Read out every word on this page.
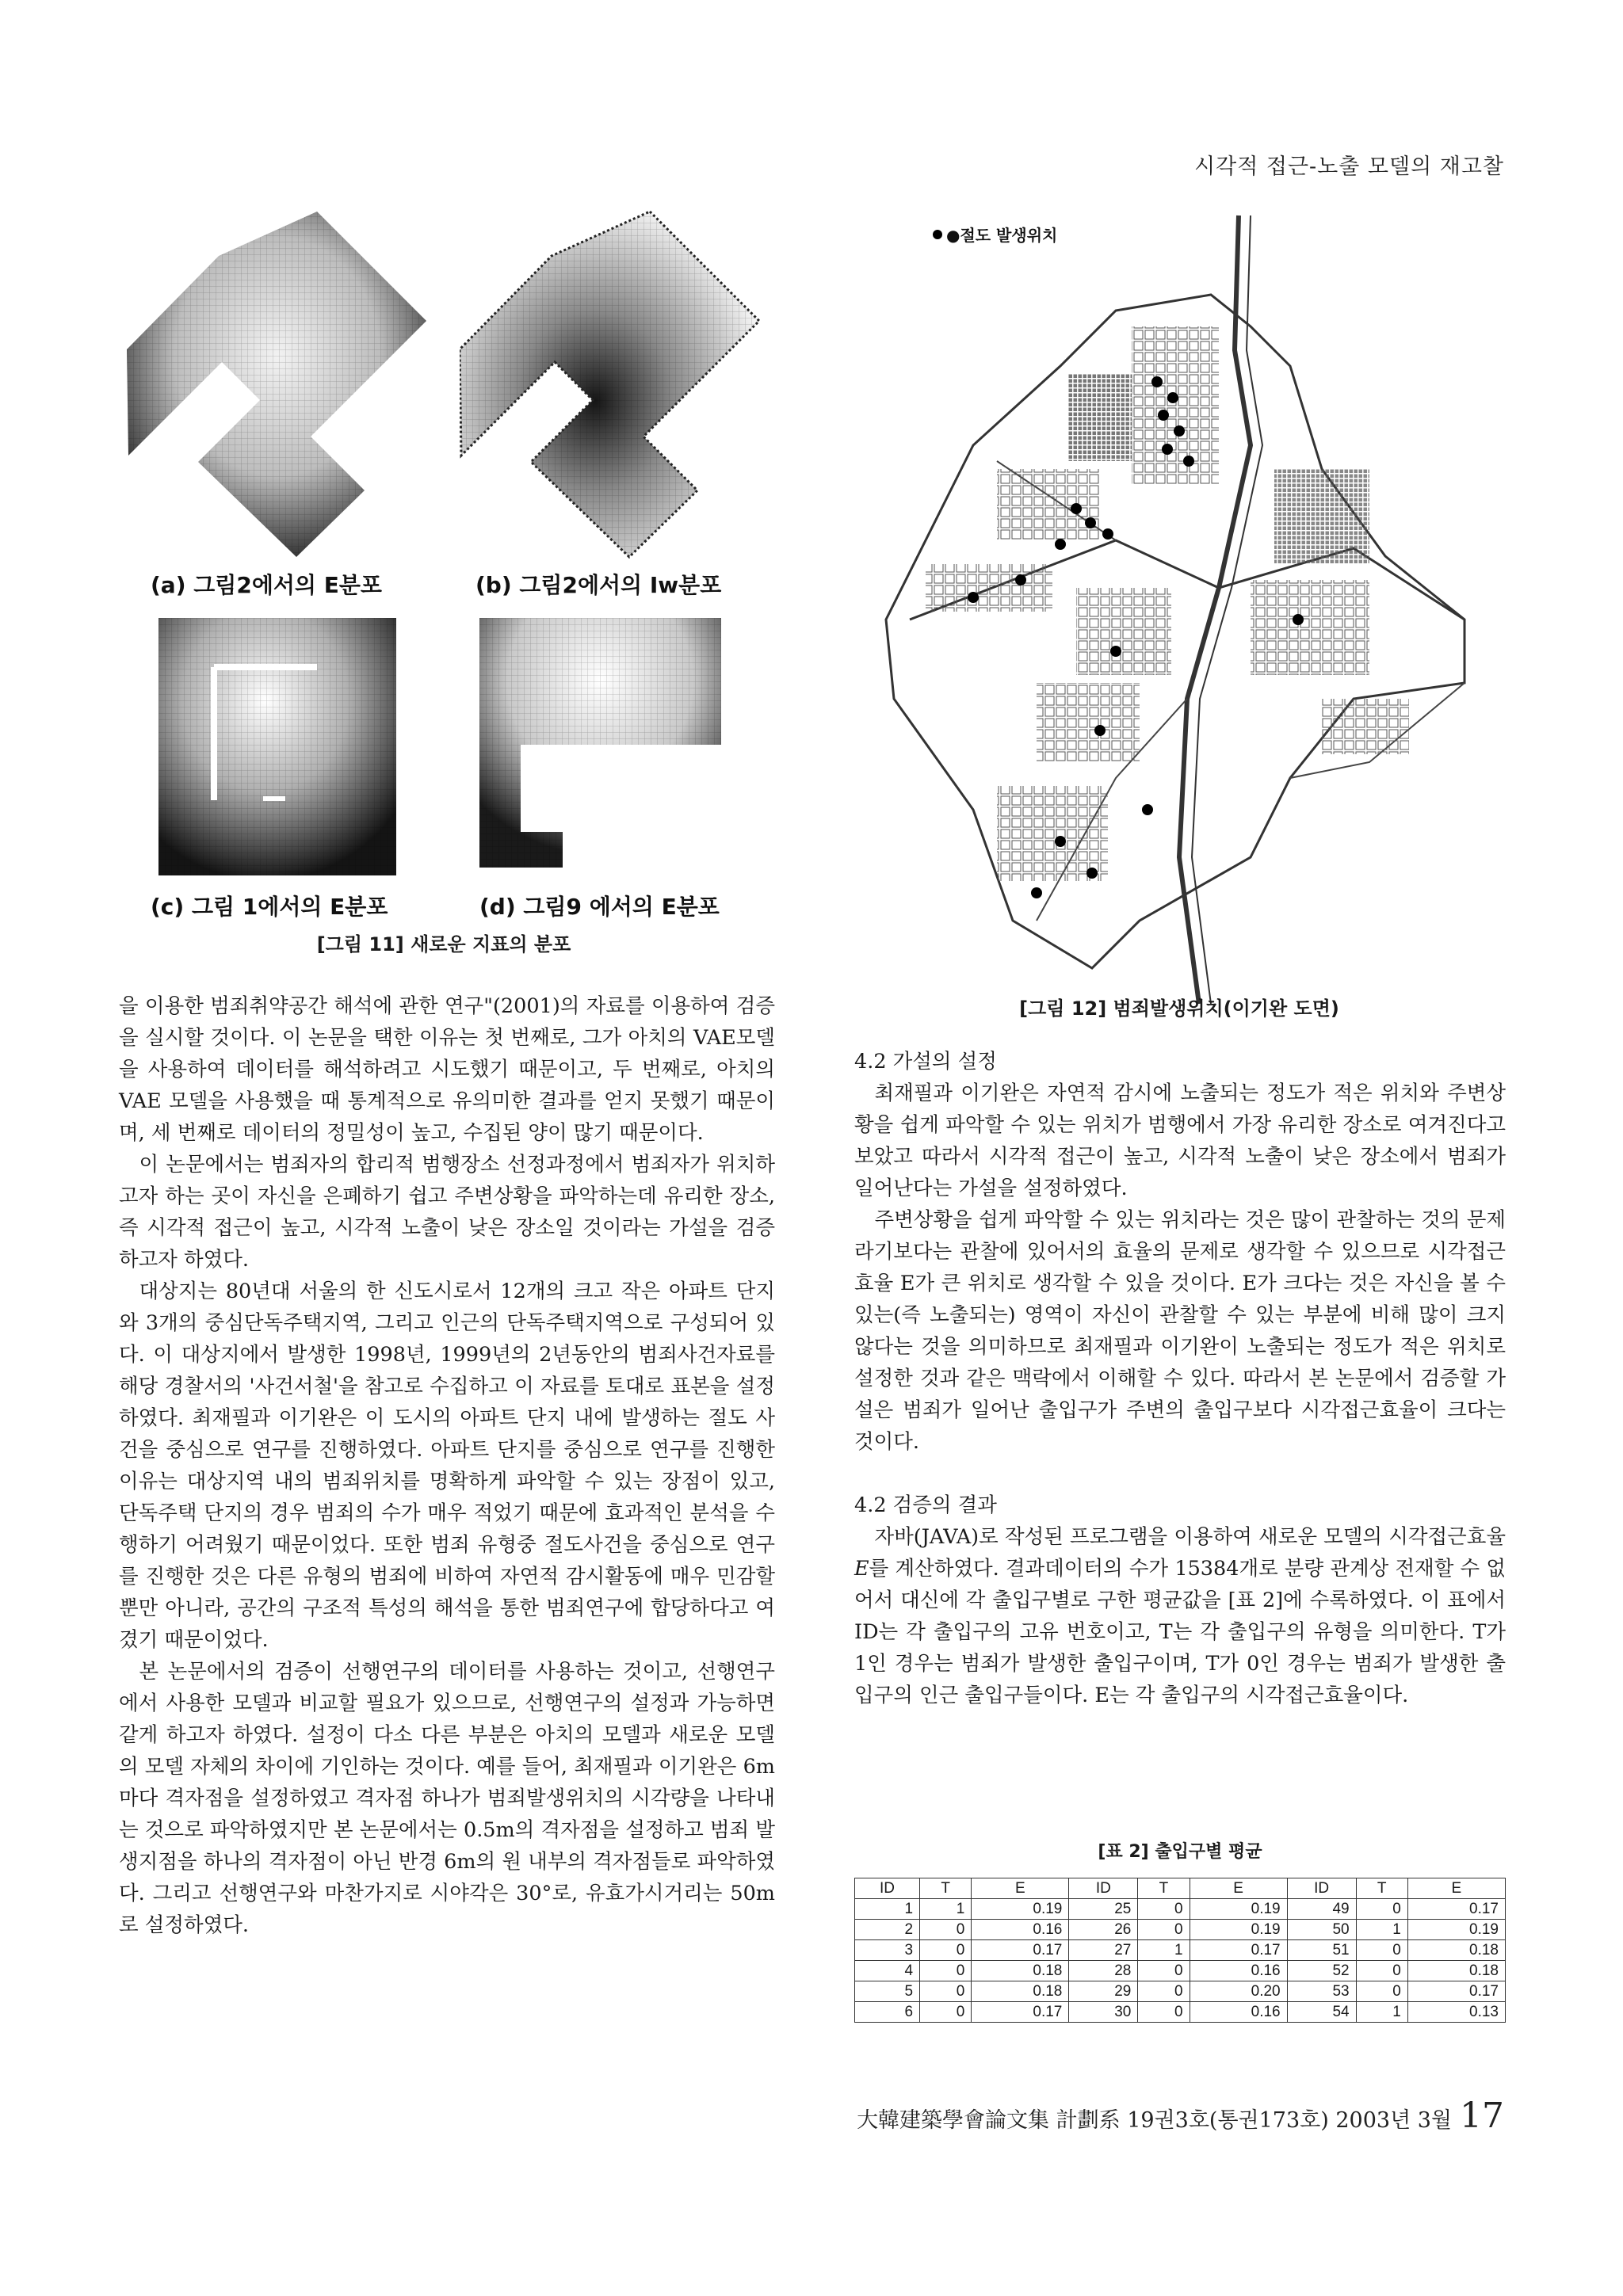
시각적 접근-노출 모델의 재고찰
(a) 그림2에서의 E분포	(b) 그림2에서의 Iw분포
(c) 그림 1에서의 E분포	(d) 그림9 에서의 E분포
[그림 11] 새로운 지표의 분포
●절도 발생위치
[그림 12] 범죄발생위치(이기완 도면)

을 이용한 범죄취약공간 해석에 관한 연구"(2001)의 자료를 이용하여 검증을 실시할 것이다. 이 논문을 택한 이유는 첫 번째로, 그가 아치의 VAE모델을 사용하여 데이터를 해석하려고 시도했기 때문이고, 두 번째로, 아치의 VAE 모델을 사용했을 때 통계적으로 유의미한 결과를 얻지 못했기 때문이며, 세 번째로 데이터의 정밀성이 높고, 수집된 양이 많기 때문이다.

이 논문에서는 범죄자의 합리적 범행장소 선정과정에서 범죄자가 위치하고자 하는 곳이 자신을 은폐하기 쉽고 주변상황을 파악하는데 유리한 장소, 즉 시각적 접근이 높고, 시각적 노출이 낮은 장소일 것이라는 가설을 검증하고자 하였다.

대상지는 80년대 서울의 한 신도시로서 12개의 크고 작은 아파트 단지와 3개의 중심단독주택지역, 그리고 인근의 단독주택지역으로 구성되어 있다. 이 대상지에서 발생한 1998년, 1999년의 2년동안의 범죄사건자료를 해당 경찰서의 '사건서철'을 참고로 수집하고 이 자료를 토대로 표본을 설정하였다. 최재필과 이기완은 이 도시의 아파트 단지 내에 발생하는 절도 사건을 중심으로 연구를 진행하였다. 아파트 단지를 중심으로 연구를 진행한 이유는 대상지역 내의 범죄위치를 명확하게 파악할 수 있는 장점이 있고, 단독주택 단지의 경우 범죄의 수가 매우 적었기 때문에 효과적인 분석을 수행하기 어려웠기 때문이었다. 또한 범죄 유형중 절도사건을 중심으로 연구를 진행한 것은 다른 유형의 범죄에 비하여 자연적 감시활동에 매우 민감할 뿐만 아니라, 공간의 구조적 특성의 해석을 통한 범죄연구에 합당하다고 여겼기 때문이었다.

본 논문에서의 검증이 선행연구의 데이터를 사용하는 것이고, 선행연구에서 사용한 모델과 비교할 필요가 있으므로, 선행연구의 설정과 가능하면 같게 하고자 하였다. 설정이 다소 다른 부분은 아치의 모델과 새로운 모델의 모델 자체의 차이에 기인하는 것이다. 예를 들어, 최재필과 이기완은 6m마다 격자점을 설정하였고 격자점 하나가 범죄발생위치의 시각량을 나타내는 것으로 파악하였지만 본 논문에서는 0.5m의 격자점을 설정하고 범죄 발생지점을 하나의 격자점이 아닌 반경 6m의 원 내부의 격자점들로 파악하였다. 그리고 선행연구와 마찬가지로 시야각은 30°로, 유효가시거리는 50m로 설정하였다.

4.2 가설의 설정

최재필과 이기완은 자연적 감시에 노출되는 정도가 적은 위치와 주변상황을 쉽게 파악할 수 있는 위치가 범행에서 가장 유리한 장소로 여겨진다고 보았고 따라서 시각적 접근이 높고, 시각적 노출이 낮은 장소에서 범죄가 일어난다는 가설을 설정하였다.

주변상황을 쉽게 파악할 수 있는 위치라는 것은 많이 관찰하는 것의 문제라기보다는 관찰에 있어서의 효율의 문제로 생각할 수 있으므로 시각접근효율 E가 큰 위치로 생각할 수 있을 것이다. E가 크다는 것은 자신을 볼 수 있는(즉 노출되는) 영역이 자신이 관찰할 수 있는 부분에 비해 많이 크지 않다는 것을 의미하므로 최재필과 이기완이 노출되는 정도가 적은 위치로 설정한 것과 같은 맥락에서 이해할 수 있다. 따라서 본 논문에서 검증할 가설은 범죄가 일어난 출입구가 주변의 출입구보다 시각접근효율이 크다는 것이다.

4.2 검증의 결과

자바(JAVA)로 작성된 프로그램을 이용하여 새로운 모델의 시각접근효율 E를 계산하였다. 결과데이터의 수가 15384개로 분량 관계상 전재할 수 없어서 대신에 각 출입구별로 구한 평균값을 [표 2]에 수록하였다. 이 표에서 ID는 각 출입구의 고유 번호이고, T는 각 출입구의 유형을 의미한다. T가 1인 경우는 범죄가 발생한 출입구이며, T가 0인 경우는 범죄가 발생한 출입구의 인근 출입구들이다. E는 각 출입구의 시각접근효율이다.

[표 2] 출입구별 평균
ID	T	E	ID	T	E	ID	T	E
1	1	0.19	25	0	0.19	49	0	0.17
2	0	0.16	26	0	0.19	50	1	0.19
3	0	0.17	27	1	0.17	51	0	0.18
4	0	0.18	28	0	0.16	52	0	0.18
5	0	0.18	29	0	0.20	53	0	0.17
6	0	0.17	30	0	0.16	54	1	0.13
大韓建築學會論文集 計劃系 19권3호(통권173호) 2003년 3월 17
